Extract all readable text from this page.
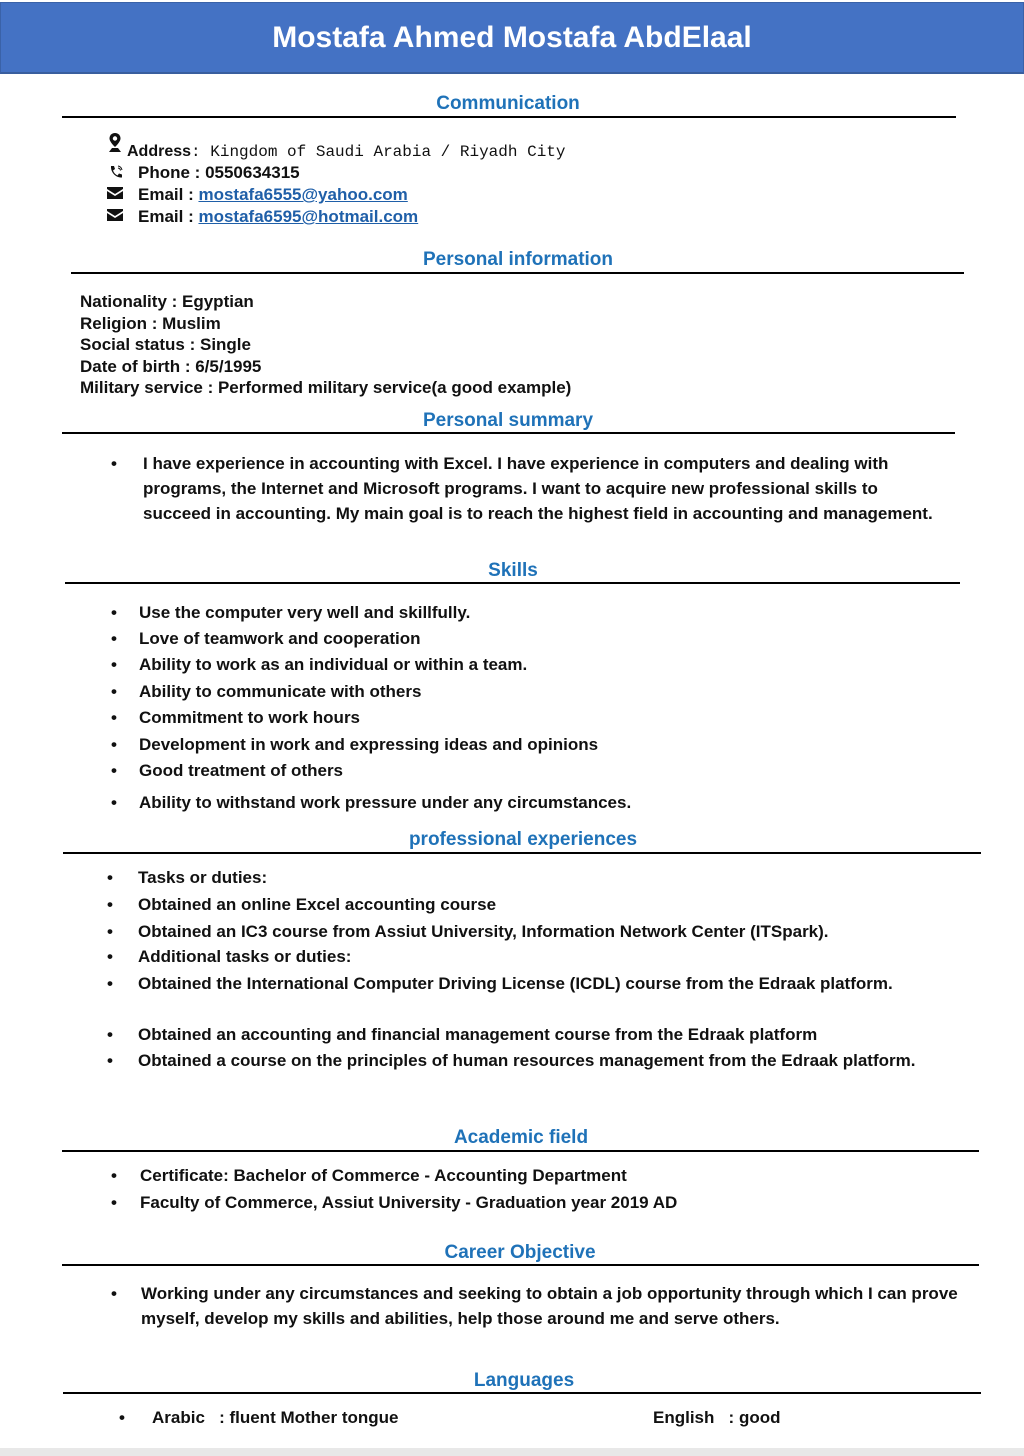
Mostafa Ahmed Mostafa AbdElaal
Communication
Address: Kingdom of Saudi Arabia / Riyadh City
Phone : 0550634315
Email : mostafa6555@yahoo.com
Email : mostafa6595@hotmail.com
Personal information
Nationality : Egyptian
Religion : Muslim
Social status : Single
Date of birth : 6/5/1995
Military service : Performed military service(a good example)
Personal summary
• I have experience in accounting with Excel. I have experience in computers and dealing with programs, the Internet and Microsoft programs. I want to acquire new professional skills to succeed in accounting. My main goal is to reach the highest field in accounting and management.
Skills
• Use the computer very well and skillfully.
• Love of teamwork and cooperation
• Ability to work as an individual or within a team.
• Ability to communicate with others
• Commitment to work hours
• Development in work and expressing ideas and opinions
• Good treatment of others
• Ability to withstand work pressure under any circumstances.
professional experiences
• Tasks or duties:
• Obtained an online Excel accounting course
• Obtained an IC3 course from Assiut University, Information Network Center (ITSpark).
• Additional tasks or duties:
• Obtained the International Computer Driving License (ICDL) course from the Edraak platform.
• Obtained an accounting and financial management course from the Edraak platform
• Obtained a course on the principles of human resources management from the Edraak platform.
Academic field
• Certificate: Bachelor of Commerce - Accounting Department
• Faculty of Commerce, Assiut University - Graduation year 2019 AD
Career Objective
• Working under any circumstances and seeking to obtain a job opportunity through which I can prove myself, develop my skills and abilities, help those around me and serve others.
Languages
• Arabic   : fluent Mother tongue	English   : good
